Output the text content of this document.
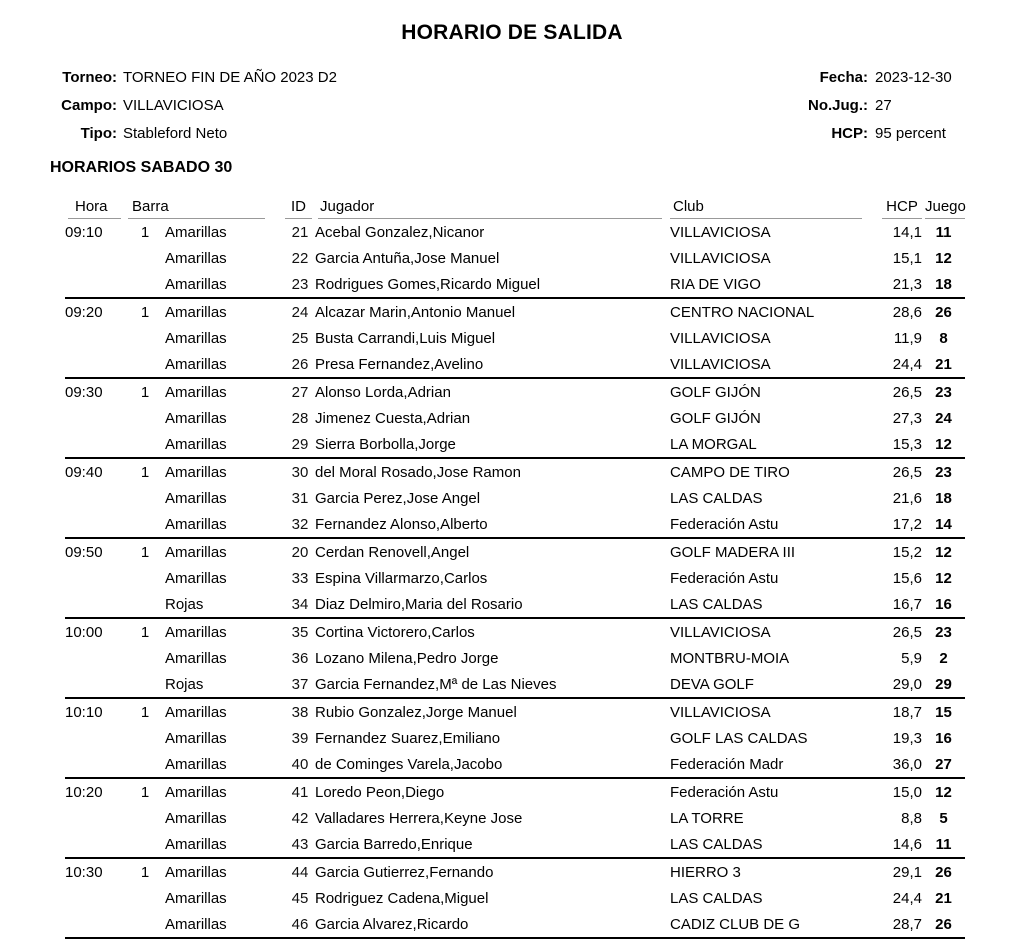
HORARIO DE SALIDA
Torneo: TORNEO FIN DE AÑO 2023 D2	Fecha: 2023-12-30
Campo: VILLAVICIOSA	No.Jug.: 27
Tipo: Stableford Neto	HCP: 95 percent
HORARIOS SABADO 30
Hora	Barra		ID	Jugador	Club	HCP	Juego

09:10	1	Amarillas	21	Acebal Gonzalez,Nicanor	VILLAVICIOSA	14,1	11
		Amarillas	22	Garcia Antuña,Jose Manuel	VILLAVICIOSA	15,1	12
		Amarillas	23	Rodrigues Gomes,Ricardo Miguel	RIA DE VIGO	21,3	18
09:20	1	Amarillas	24	Alcazar Marin,Antonio Manuel	CENTRO NACIONAL	28,6	26
		Amarillas	25	Busta Carrandi,Luis Miguel	VILLAVICIOSA	11,9	8
		Amarillas	26	Presa Fernandez,Avelino	VILLAVICIOSA	24,4	21
09:30	1	Amarillas	27	Alonso Lorda,Adrian	GOLF GIJÓN	26,5	23
		Amarillas	28	Jimenez Cuesta,Adrian	GOLF GIJÓN	27,3	24
		Amarillas	29	Sierra Borbolla,Jorge	LA MORGAL	15,3	12
09:40	1	Amarillas	30	del Moral Rosado,Jose Ramon	CAMPO DE TIRO	26,5	23
		Amarillas	31	Garcia Perez,Jose Angel	LAS CALDAS	21,6	18
		Amarillas	32	Fernandez Alonso,Alberto	Federación Astu	17,2	14
09:50	1	Amarillas	20	Cerdan Renovell,Angel	GOLF MADERA III	15,2	12
		Amarillas	33	Espina Villarmarzo,Carlos	Federación Astu	15,6	12
		Rojas	34	Diaz Delmiro,Maria del Rosario	LAS CALDAS	16,7	16
10:00	1	Amarillas	35	Cortina Victorero,Carlos	VILLAVICIOSA	26,5	23
		Amarillas	36	Lozano Milena,Pedro Jorge	MONTBRU-MOIA	5,9	2
		Rojas	37	Garcia Fernandez,Mª de Las Nieves	DEVA GOLF	29,0	29
10:10	1	Amarillas	38	Rubio Gonzalez,Jorge Manuel	VILLAVICIOSA	18,7	15
		Amarillas	39	Fernandez Suarez,Emiliano	GOLF LAS CALDAS	19,3	16
		Amarillas	40	de Cominges Varela,Jacobo	Federación Madr	36,0	27
10:20	1	Amarillas	41	Loredo Peon,Diego	Federación Astu	15,0	12
		Amarillas	42	Valladares Herrera,Keyne Jose	LA TORRE	8,8	5
		Amarillas	43	Garcia Barredo,Enrique	LAS CALDAS	14,6	11
10:30	1	Amarillas	44	Garcia Gutierrez,Fernando	HIERRO 3	29,1	26
		Amarillas	45	Rodriguez Cadena,Miguel	LAS CALDAS	24,4	21
		Amarillas	46	Garcia Alvarez,Ricardo	CADIZ CLUB DE G	28,7	26
